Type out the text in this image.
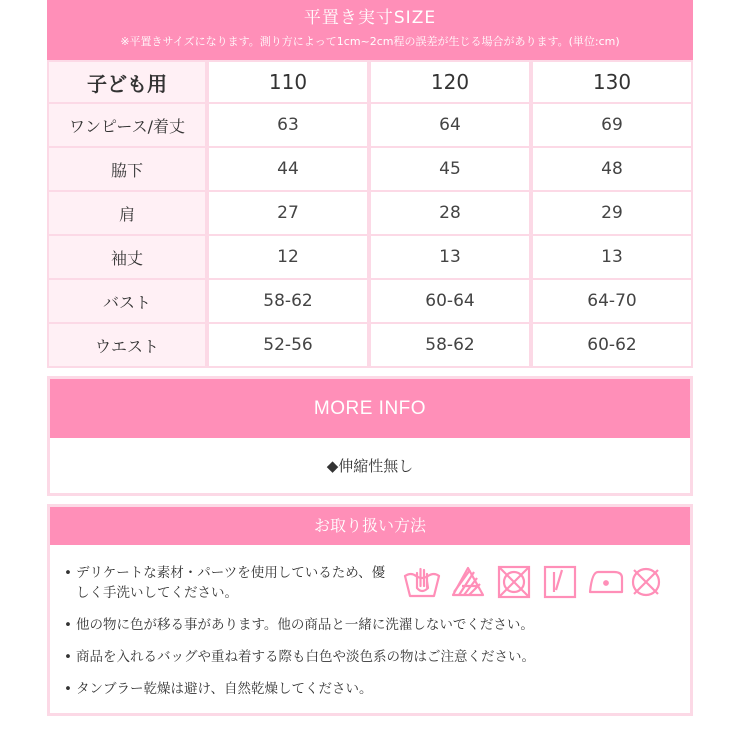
平置き実寸SIZE
※平置きサイズになります。測り方によって1cm~2cm程の誤差が生じる場合があります。(単位:cm)
子ども用	110	120	130
ワンピース/着丈	63	64	69
脇下	44	45	48
肩	27	28	29
袖丈	12	13	13
バスト	58-62	60-64	64-70
ウエスト	52-56	58-62	60-62
MORE INFO
◆伸縮性無し
お取り扱い方法
• デリケートな素材・パーツを使用しているため、優しく手洗いしてください。
• 他の物に色が移る事があります。他の商品と一緒に洗濯しないでください。
• 商品を入れるバッグや重ね着する際も白色や淡色系の物はご注意ください。
• タンブラー乾燥は避け、自然乾燥してください。
